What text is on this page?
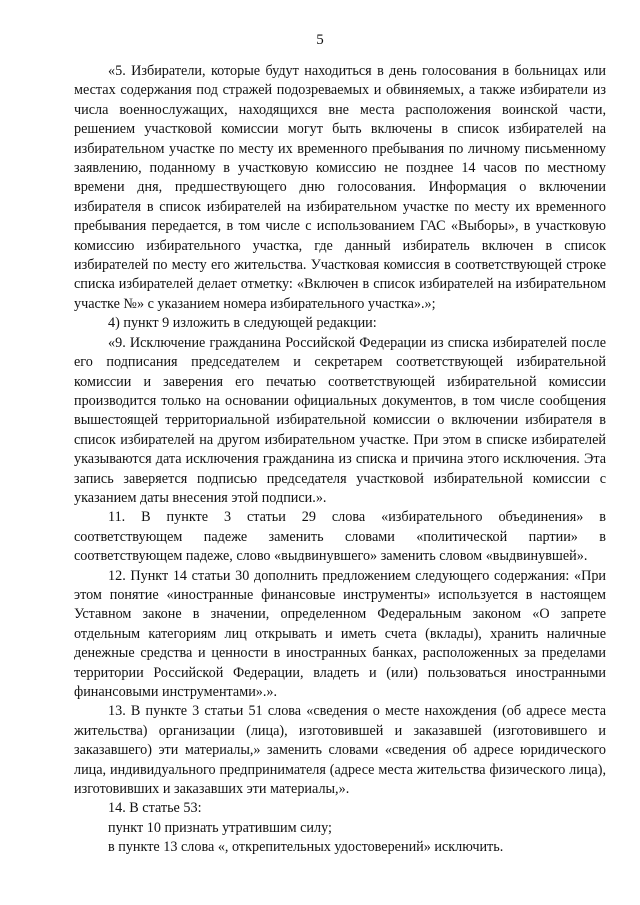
5

«5. Избиратели, которые будут находиться в день голосования в больницах или местах содержания под стражей подозреваемых и обвиняемых, а также избиратели из числа военнослужащих, находящихся вне места расположения воинской части, решением участковой комиссии могут быть включены в список избирателей на избирательном участке по месту их временного пребывания по личному письменному заявлению, поданному в участковую комиссию не позднее 14 часов по местному времени дня, предшествующего дню голосования. Информация о включении избирателя в список избирателей на избирательном участке по месту их временного пребывания передается, в том числе с использованием ГАС «Выборы», в участковую комиссию избирательного участка, где данный избиратель включен в список избирателей по месту его жительства. Участковая комиссия в соответствующей строке списка избирателей делает отметку: «Включен в список избирателей на избирательном участке №» с указанием номера избирательного участка».»;

4) пункт 9 изложить в следующей редакции:

«9. Исключение гражданина Российской Федерации из списка избирателей после его подписания председателем и секретарем соответствующей избирательной комиссии и заверения его печатью соответствующей избирательной комиссии производится только на основании официальных документов, в том числе сообщения вышестоящей территориальной избирательной комиссии о включении избирателя в список избирателей на другом избирательном участке. При этом в списке избирателей указываются дата исключения гражданина из списка и причина этого исключения. Эта запись заверяется подписью председателя участковой избирательной комиссии с указанием даты внесения этой подписи.».

11. В пункте 3 статьи 29 слова «избирательного объединения» в соответствующем падеже заменить словами «политической партии» в соответствующем падеже, слово «выдвинувшего» заменить словом «выдвинувшей».

12. Пункт 14 статьи 30 дополнить предложением следующего содержания: «При этом понятие «иностранные финансовые инструменты» используется в настоящем Уставном законе в значении, определенном Федеральным законом «О запрете отдельным категориям лиц открывать и иметь счета (вклады), хранить наличные денежные средства и ценности в иностранных банках, расположенных за пределами территории Российской Федерации, владеть и (или) пользоваться иностранными финансовыми инструментами».».

13. В пункте 3 статьи 51 слова «сведения о месте нахождения (об адресе места жительства) организации (лица), изготовившей и заказавшей (изготовившего и заказавшего) эти материалы,» заменить словами «сведения об адресе юридического лица, индивидуального предпринимателя (адресе места жительства физического лица), изготовивших и заказавших эти материалы,».

14. В статье 53:

пункт 10 признать утратившим силу;

в пункте 13 слова «, открепительных удостоверений» исключить.
